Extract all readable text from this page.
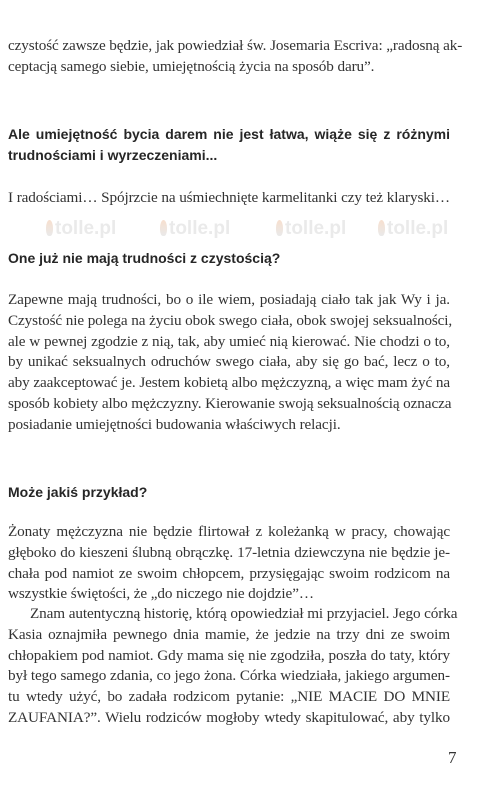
tolle.pl	tolle.pl	tolle.pl	tolle.pl
czystość zawsze będzie, jak powiedział św. Josemaria Escriva: „radosną ak-
ceptacją samego siebie, umiejętnością życia na sposób daru”.
Ale umiejętność bycia darem nie jest łatwa, wiąże się z różnymi
trudnościami i wyrzeczeniami...
I radościami… Spójrzcie na uśmiechnięte karmelitanki czy też klaryski…
One już nie mają trudności z czystością?
Zapewne mają trudności, bo o ile wiem, posiadają ciało tak jak Wy i ja.
Czystość nie polega na życiu obok swego ciała, obok swojej seksualności,
ale w pewnej zgodzie z nią, tak, aby umieć nią kierować. Nie chodzi o to,
by unikać seksualnych odruchów swego ciała, aby się go bać, lecz o to,
aby zaakceptować je. Jestem kobietą albo mężczyzną, a więc mam żyć na
sposób kobiety albo mężczyzny. Kierowanie swoją seksualnością oznacza
posiadanie umiejętności budowania właściwych relacji.
Może jakiś przykład?
Żonaty mężczyzna nie będzie flirtował z koleżanką w pracy, chowając
głęboko do kieszeni ślubną obrączkę. 17-letnia dziewczyna nie będzie je-
chała pod namiot ze swoim chłopcem, przysięgając swoim rodzicom na
wszystkie świętości, że „do niczego nie dojdzie”…
Znam autentyczną historię, którą opowiedział mi przyjaciel. Jego córka
Kasia oznajmiła pewnego dnia mamie, że jedzie na trzy dni ze swoim
chłopakiem pod namiot. Gdy mama się nie zgodziła, poszła do taty, który
był tego samego zdania, co jego żona. Córka wiedziała, jakiego argumen-
tu wtedy użyć, bo zadała rodzicom pytanie: „NIE MACIE DO MNIE
ZAUFANIA?”. Wielu rodziców mogłoby wtedy skapitulować, aby tylko
7
